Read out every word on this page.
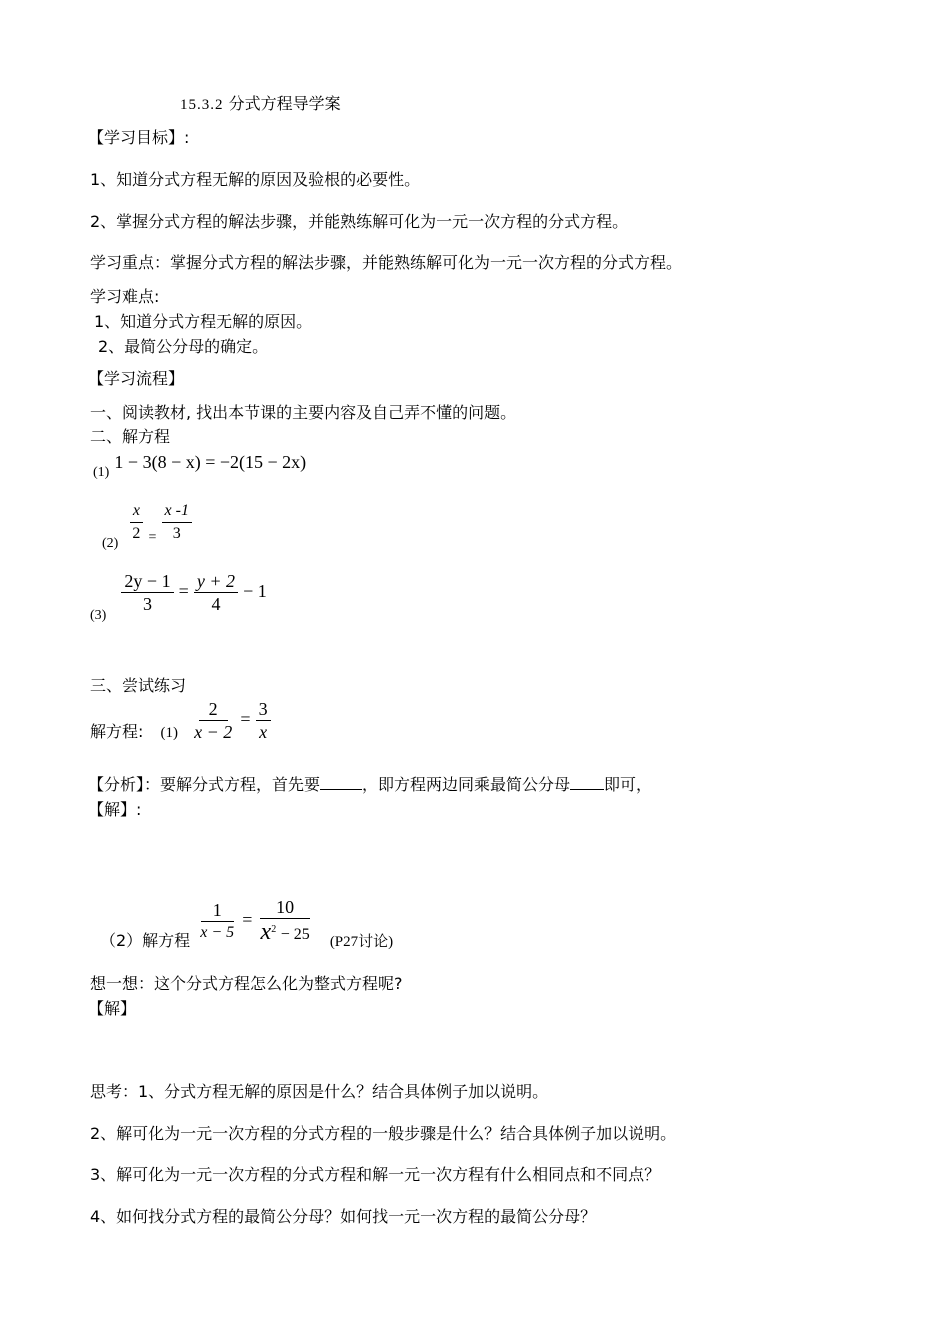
15.3.2 分式方程导学案
【学习目标】:
1、知道分式方程无解的原因及验根的必要性。
2、掌握分式方程的解法步骤，并能熟练解可化为一元一次方程的分式方程。
学习重点：掌握分式方程的解法步骤，并能熟练解可化为一元一次方程的分式方程。
学习难点:
1、知道分式方程无解的原因。
2、最简公分母的确定。
【学习流程】
一、阅读教材, 找出本节课的主要内容及自己弄不懂的问题。
二、解方程
(1) 1 − 3(8 − x) = −2(15 − 2x)
$(2) \frac{x}{2} = \frac{x -1}{3}$
(3)
$\frac{2y - 1}{3} = \frac{y + 2}{4} - 1$
三、尝试练习
解方程: $(1) \frac{2}{x - 2} = \frac{3}{x}$
【分析】：要解分式方程，首先要	，即方程两边同乘最简公分母 即可，
【解】:
（2）解方程 $\frac{1}{x - 5} = \frac{10}{x^2 - 25} (P27$讨论)
想一想：这个分式方程怎么化为整式方程呢?
【解】
思考：1、分式方程无解的原因是什么？结合具体例子加以说明。
2、解可化为一元一次方程的分式方程的一般步骤是什么？结合具体例子加以说明。
3、解可化为一元一次方程的分式方程和解一元一次方程有什么相同点和不同点？
4、如何找分式方程的最简公分母？如何找一元一次方程的最简公分母？
